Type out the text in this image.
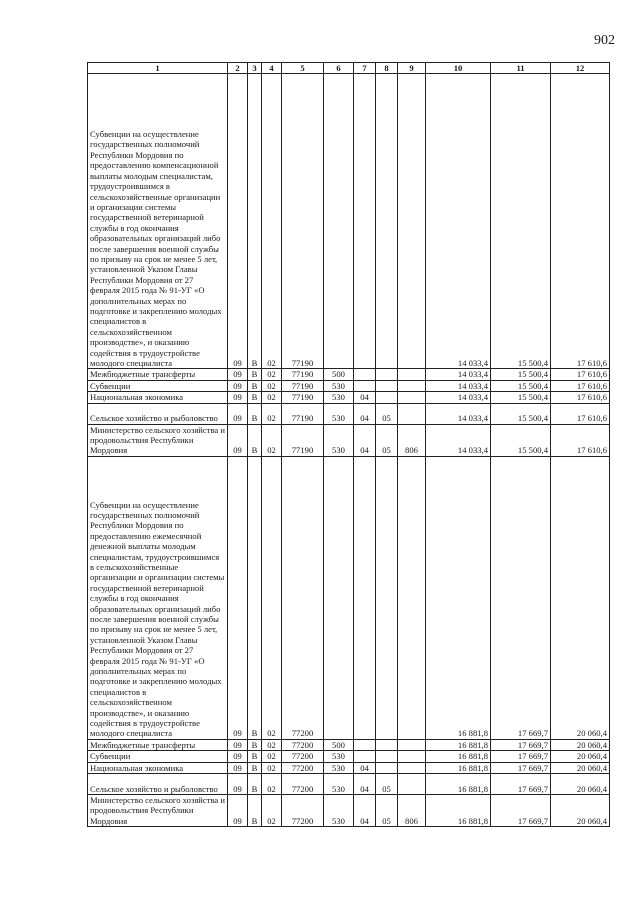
902
1	2	3	4	5	6	7	8	9	10	11	12
Субвенции на осуществление государственных полномочий Республики Мордовия по предоставлению компенсационной выплаты молодым специалистам, трудоустроившимся в сельскохозяйственные организации и организации системы государственной ветеринарной службы в год окончания образовательных организаций либо после завершения военной службы по призыву на срок не менее 5 лет, установленной Указом Главы Республики Мордовия от 27 февраля 2015 года № 91-УГ «О дополнительных мерах по подготовке и закреплению молодых специалистов в сельскохозяйственном производстве», и оказанию содействия в трудоустройстве молодого специалиста	09	В	02	77190					14 033,4	15 500,4	17 610,6
Межбюджетные трансферты	09	В	02	77190	500				14 033,4	15 500,4	17 610,6
Субвенции	09	В	02	77190	530				14 033,4	15 500,4	17 610,6
Национальная экономика	09	В	02	77190	530	04			14 033,4	15 500,4	17 610,6
Сельское хозяйство и рыболовство	09	В	02	77190	530	04	05		14 033,4	15 500,4	17 610,6
Министерство сельского хозяйства и продовольствия Республики Мордовия	09	В	02	77190	530	04	05	806	14 033,4	15 500,4	17 610,6
Субвенции на осуществление государственных полномочий Республики Мордовия по предоставлению ежемесячной денежной выплаты молодым специалистам, трудоустроившимся в сельскохозяйственные организации и организации системы государственной ветеринарной службы в год окончания образовательных организаций либо после завершения военной службы по призыву на срок не менее 5 лет, установленной Указом Главы Республики Мордовия от 27 февраля 2015 года № 91-УГ «О дополнительных мерах по подготовке и закреплению молодых специалистов в сельскохозяйственном производстве», и оказанию содействия в трудоустройстве молодого специалиста	09	В	02	77200					16 881,8	17 669,7	20 060,4
Межбюджетные трансферты	09	В	02	77200	500				16 881,8	17 669,7	20 060,4
Субвенции	09	В	02	77200	530				16 881,8	17 669,7	20 060,4
Национальная экономика	09	В	02	77200	530	04			16 881,8	17 669,7	20 060,4
Сельское хозяйство и рыболовство	09	В	02	77200	530	04	05		16 881,8	17 669,7	20 060,4
Министерство сельского хозяйства и продовольствия Республики Мордовия	09	В	02	77200	530	04	05	806	16 881,8	17 669,7	20 060,4
